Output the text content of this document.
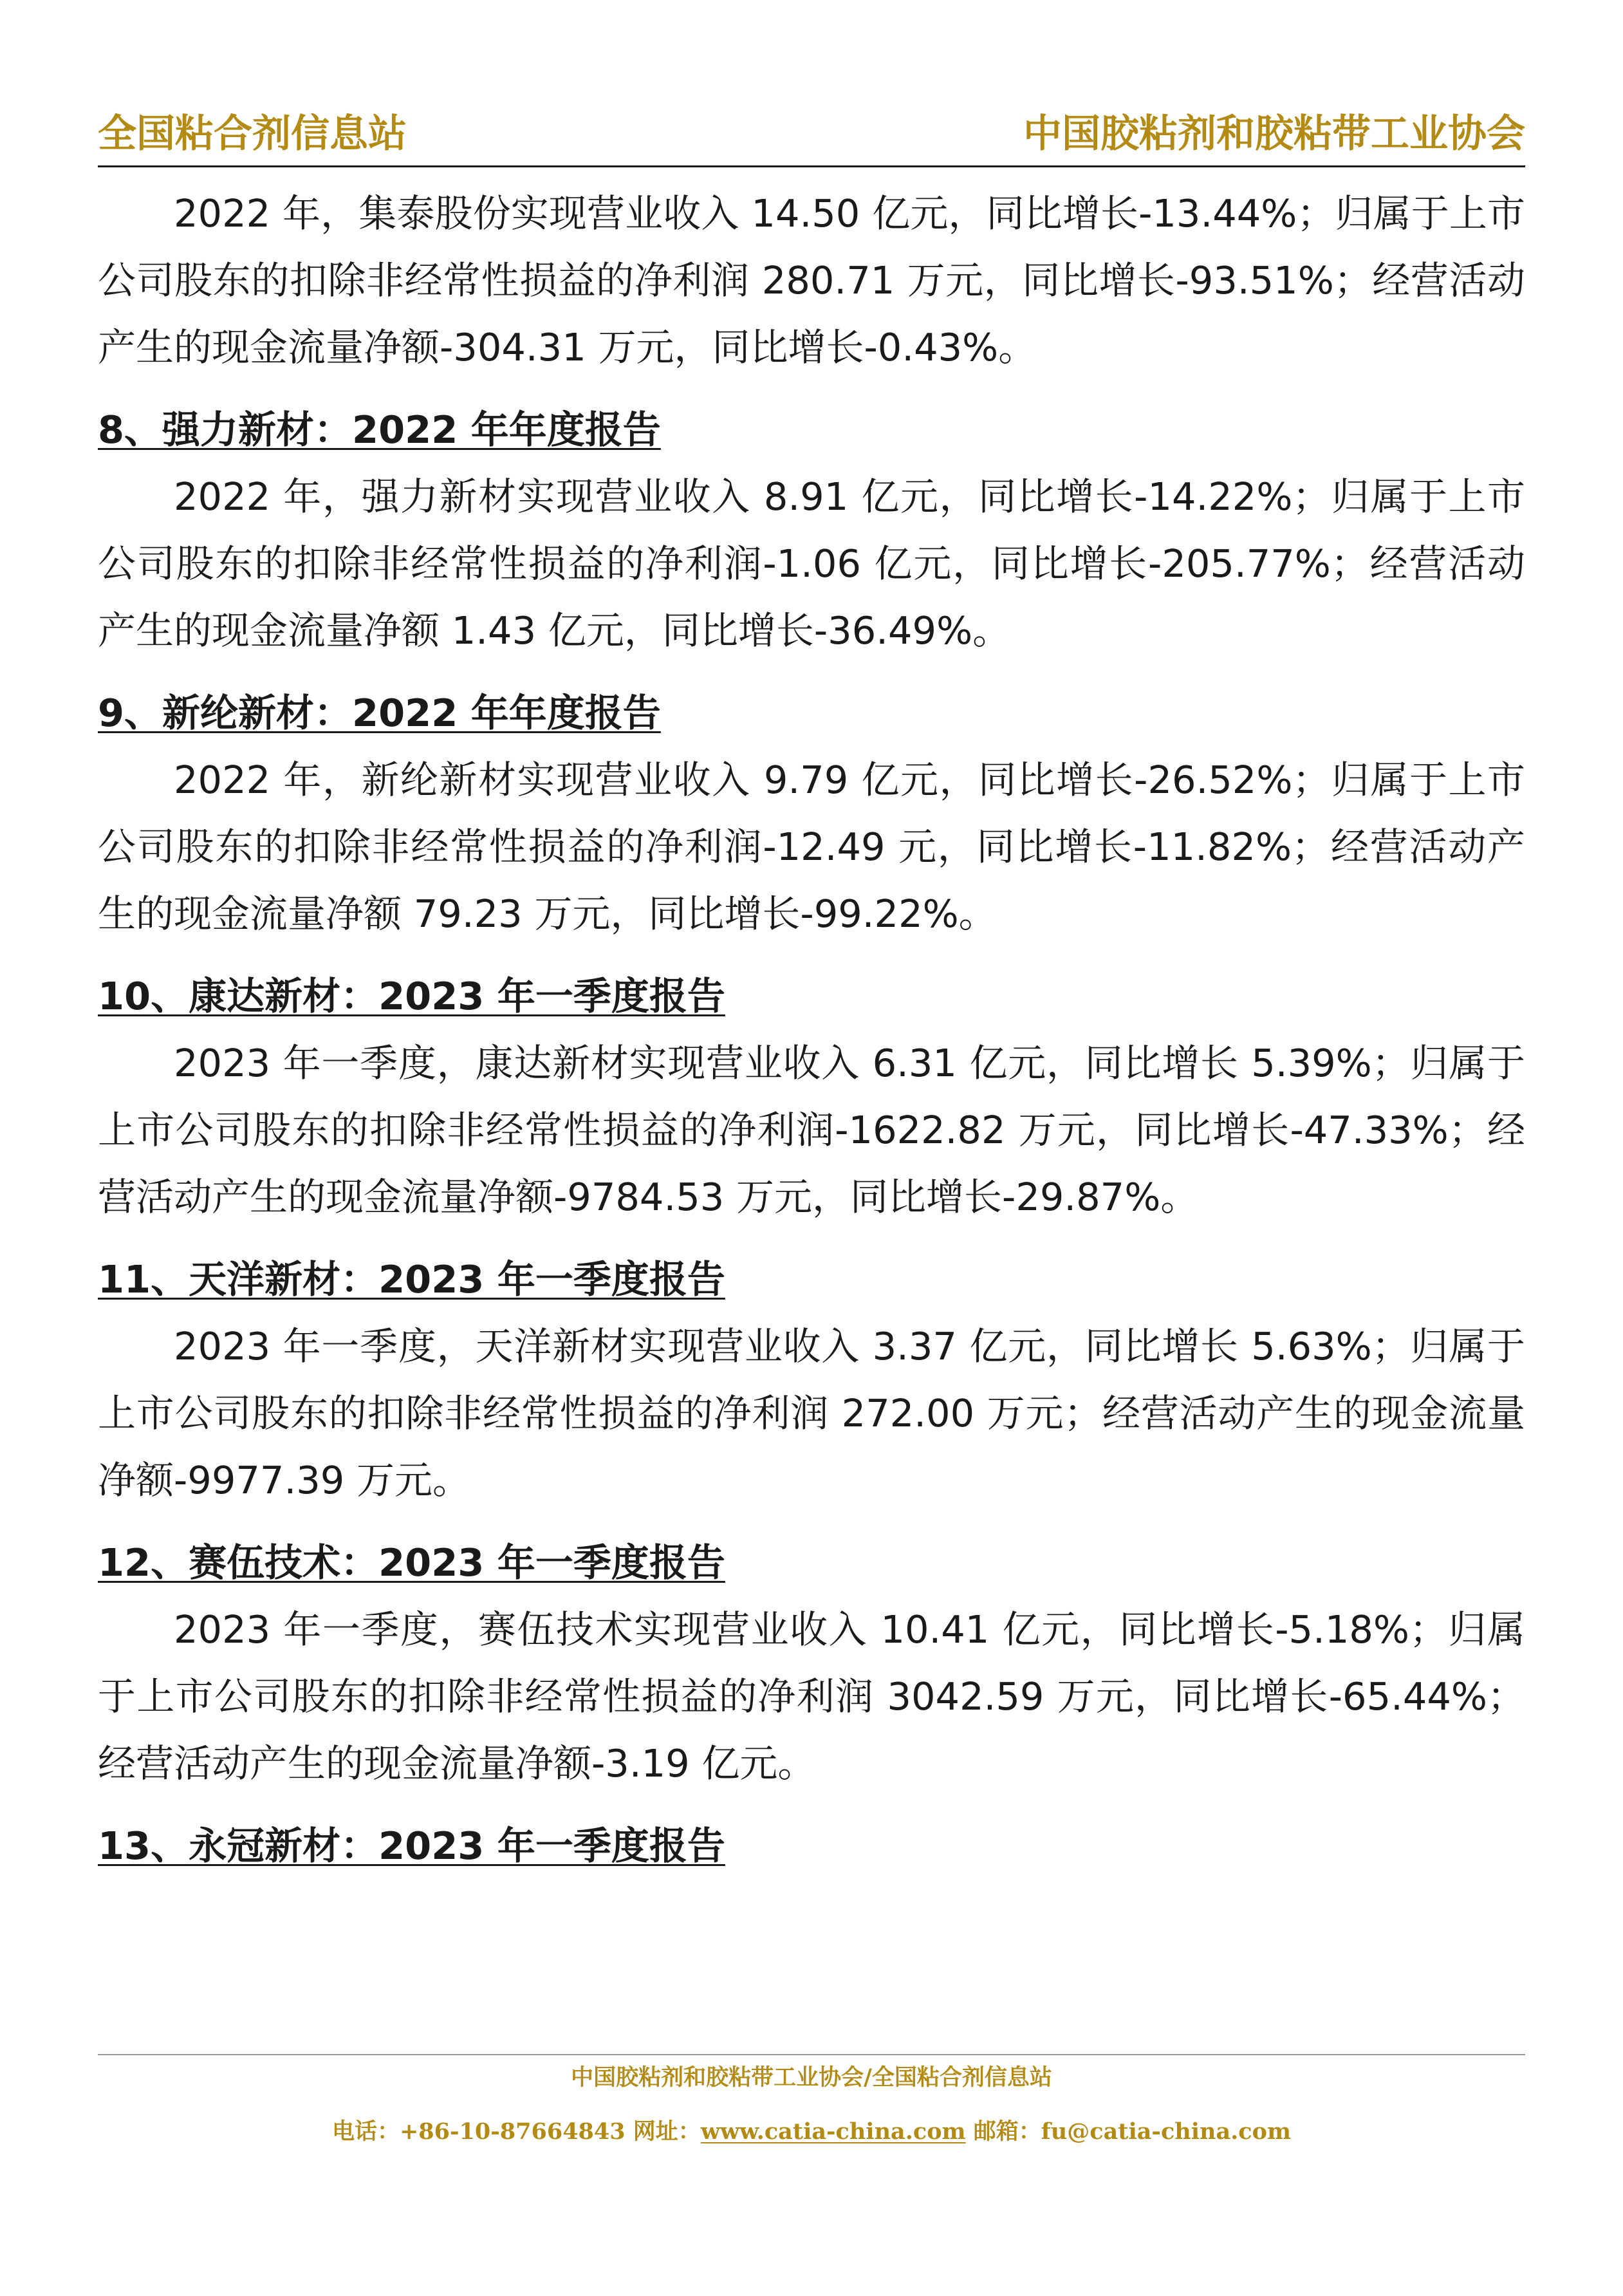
全国粘合剂信息站	中国胶粘剂和胶粘带工业协会

2022 年，集泰股份实现营业收入 14.50 亿元，同比增长-13.44%；归属于上市公司股东的扣除非经常性损益的净利润 280.71 万元，同比增长-93.51%；经营活动产生的现金流量净额-304.31 万元，同比增长-0.43%。

8、强力新材：2022 年年度报告

2022 年，强力新材实现营业收入 8.91 亿元，同比增长-14.22%；归属于上市公司股东的扣除非经常性损益的净利润-1.06 亿元，同比增长-205.77%；经营活动产生的现金流量净额 1.43 亿元，同比增长-36.49%。

9、新纶新材：2022 年年度报告

2022 年，新纶新材实现营业收入 9.79 亿元，同比增长-26.52%；归属于上市公司股东的扣除非经常性损益的净利润-12.49 元，同比增长-11.82%；经营活动产生的现金流量净额 79.23 万元，同比增长-99.22%。

10、康达新材：2023 年一季度报告

2023 年一季度，康达新材实现营业收入 6.31 亿元，同比增长 5.39%；归属于上市公司股东的扣除非经常性损益的净利润-1622.82 万元，同比增长-47.33%；经营活动产生的现金流量净额-9784.53 万元，同比增长-29.87%。

11、天洋新材：2023 年一季度报告

2023 年一季度，天洋新材实现营业收入 3.37 亿元，同比增长 5.63%；归属于上市公司股东的扣除非经常性损益的净利润 272.00 万元；经营活动产生的现金流量净额-9977.39 万元。

12、赛伍技术：2023 年一季度报告

2023 年一季度，赛伍技术实现营业收入 10.41 亿元，同比增长-5.18%；归属于上市公司股东的扣除非经常性损益的净利润 3042.59 万元，同比增长-65.44%；经营活动产生的现金流量净额-3.19 亿元。

13、永冠新材：2023 年一季度报告
中国胶粘剂和胶粘带工业协会/全国粘合剂信息站
电话：+86-10-87664843 网址：www.catia-china.com 邮箱：fu@catia-china.com
